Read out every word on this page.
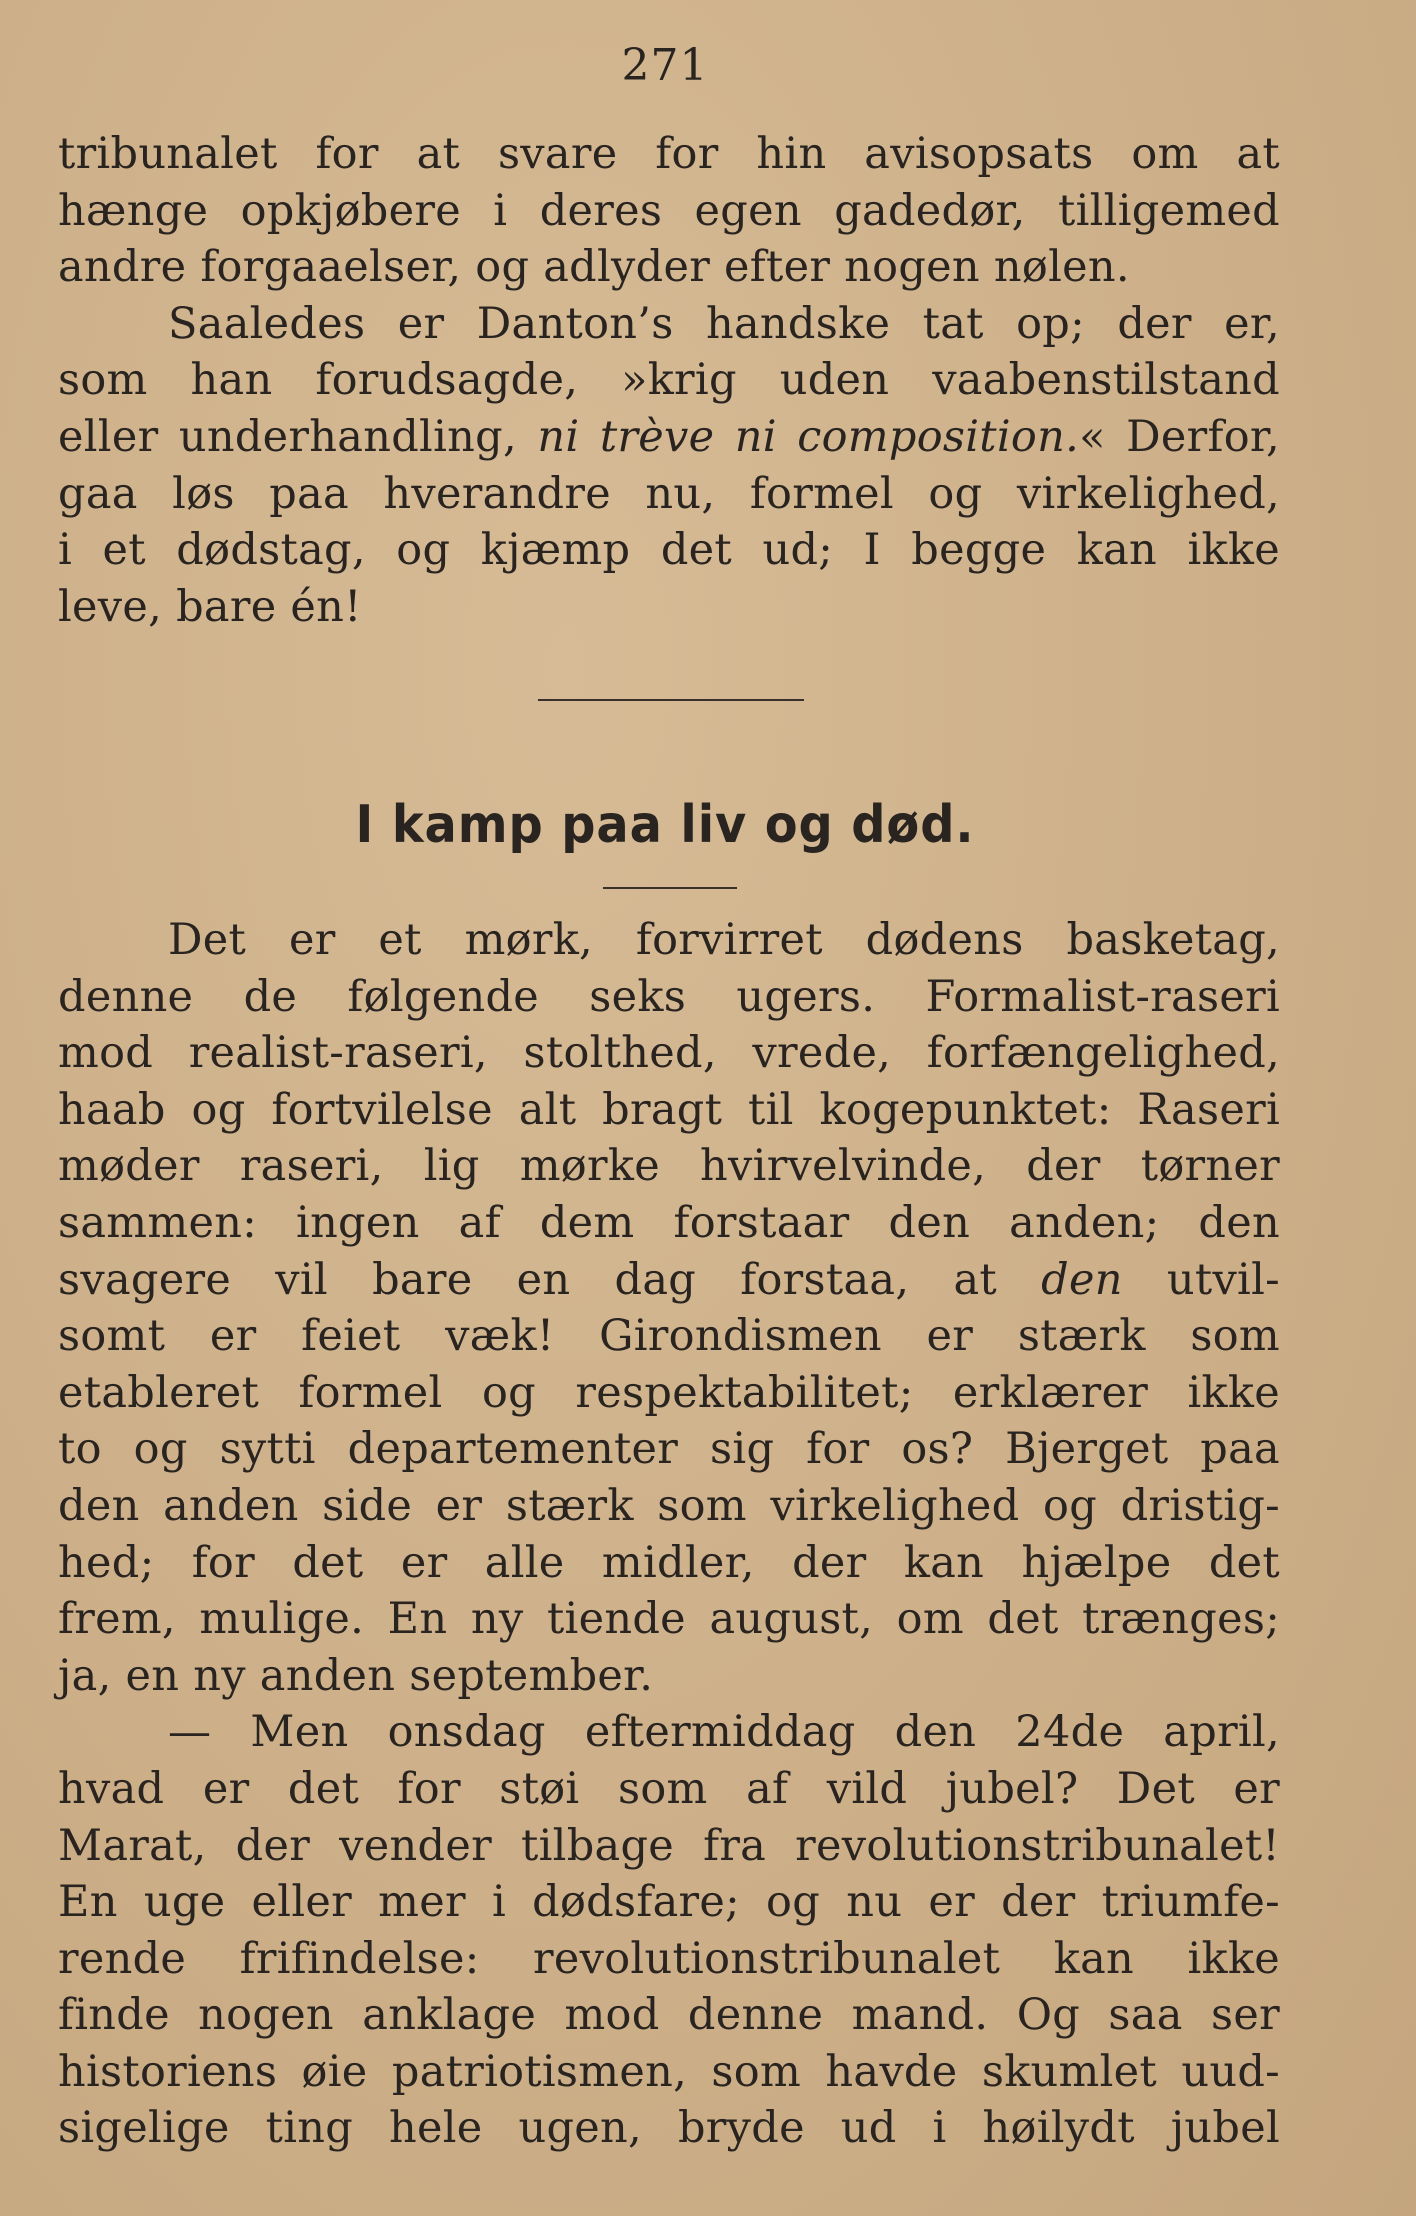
271
tribunalet for at svare for hin avisopsats om at
hænge opkjøbere i deres egen gadedør, tilligemed
andre forgaaelser, og adlyder efter nogen nølen.
Saaledes er Danton’s handske tat op; der er,
som han forudsagde, »krig uden vaabenstilstand
eller underhandling, ni trève ni composition.« Derfor,
gaa løs paa hverandre nu, formel og virkelighed,
i et dødstag, og kjæmp det ud; I begge kan ikke
leve, bare én!
I kamp paa liv og død.
Det er et mørk, forvirret dødens basketag,
denne de følgende seks ugers. Formalist-raseri
mod realist-raseri, stolthed, vrede, forfængelighed,
haab og fortvilelse alt bragt til kogepunktet: Raseri
møder raseri, lig mørke hvirvelvinde, der tørner
sammen: ingen af dem forstaar den anden; den
svagere vil bare en dag forstaa, at den utvil-
somt er feiet væk! Girondismen er stærk som
etableret formel og respektabilitet; erklærer ikke
to og sytti departementer sig for os? Bjerget paa
den anden side er stærk som virkelighed og dristig-
hed; for det er alle midler, der kan hjælpe det
frem, mulige. En ny tiende august, om det trænges;
ja, en ny anden september.
— Men onsdag eftermiddag den 24de april,
hvad er det for støi som af vild jubel? Det er
Marat, der vender tilbage fra revolutionstribunalet!
En uge eller mer i dødsfare; og nu er der triumfe-
rende frifindelse: revolutionstribunalet kan ikke
finde nogen anklage mod denne mand. Og saa ser
historiens øie patriotismen, som havde skumlet uud-
sigelige ting hele ugen, bryde ud i høilydt jubel
